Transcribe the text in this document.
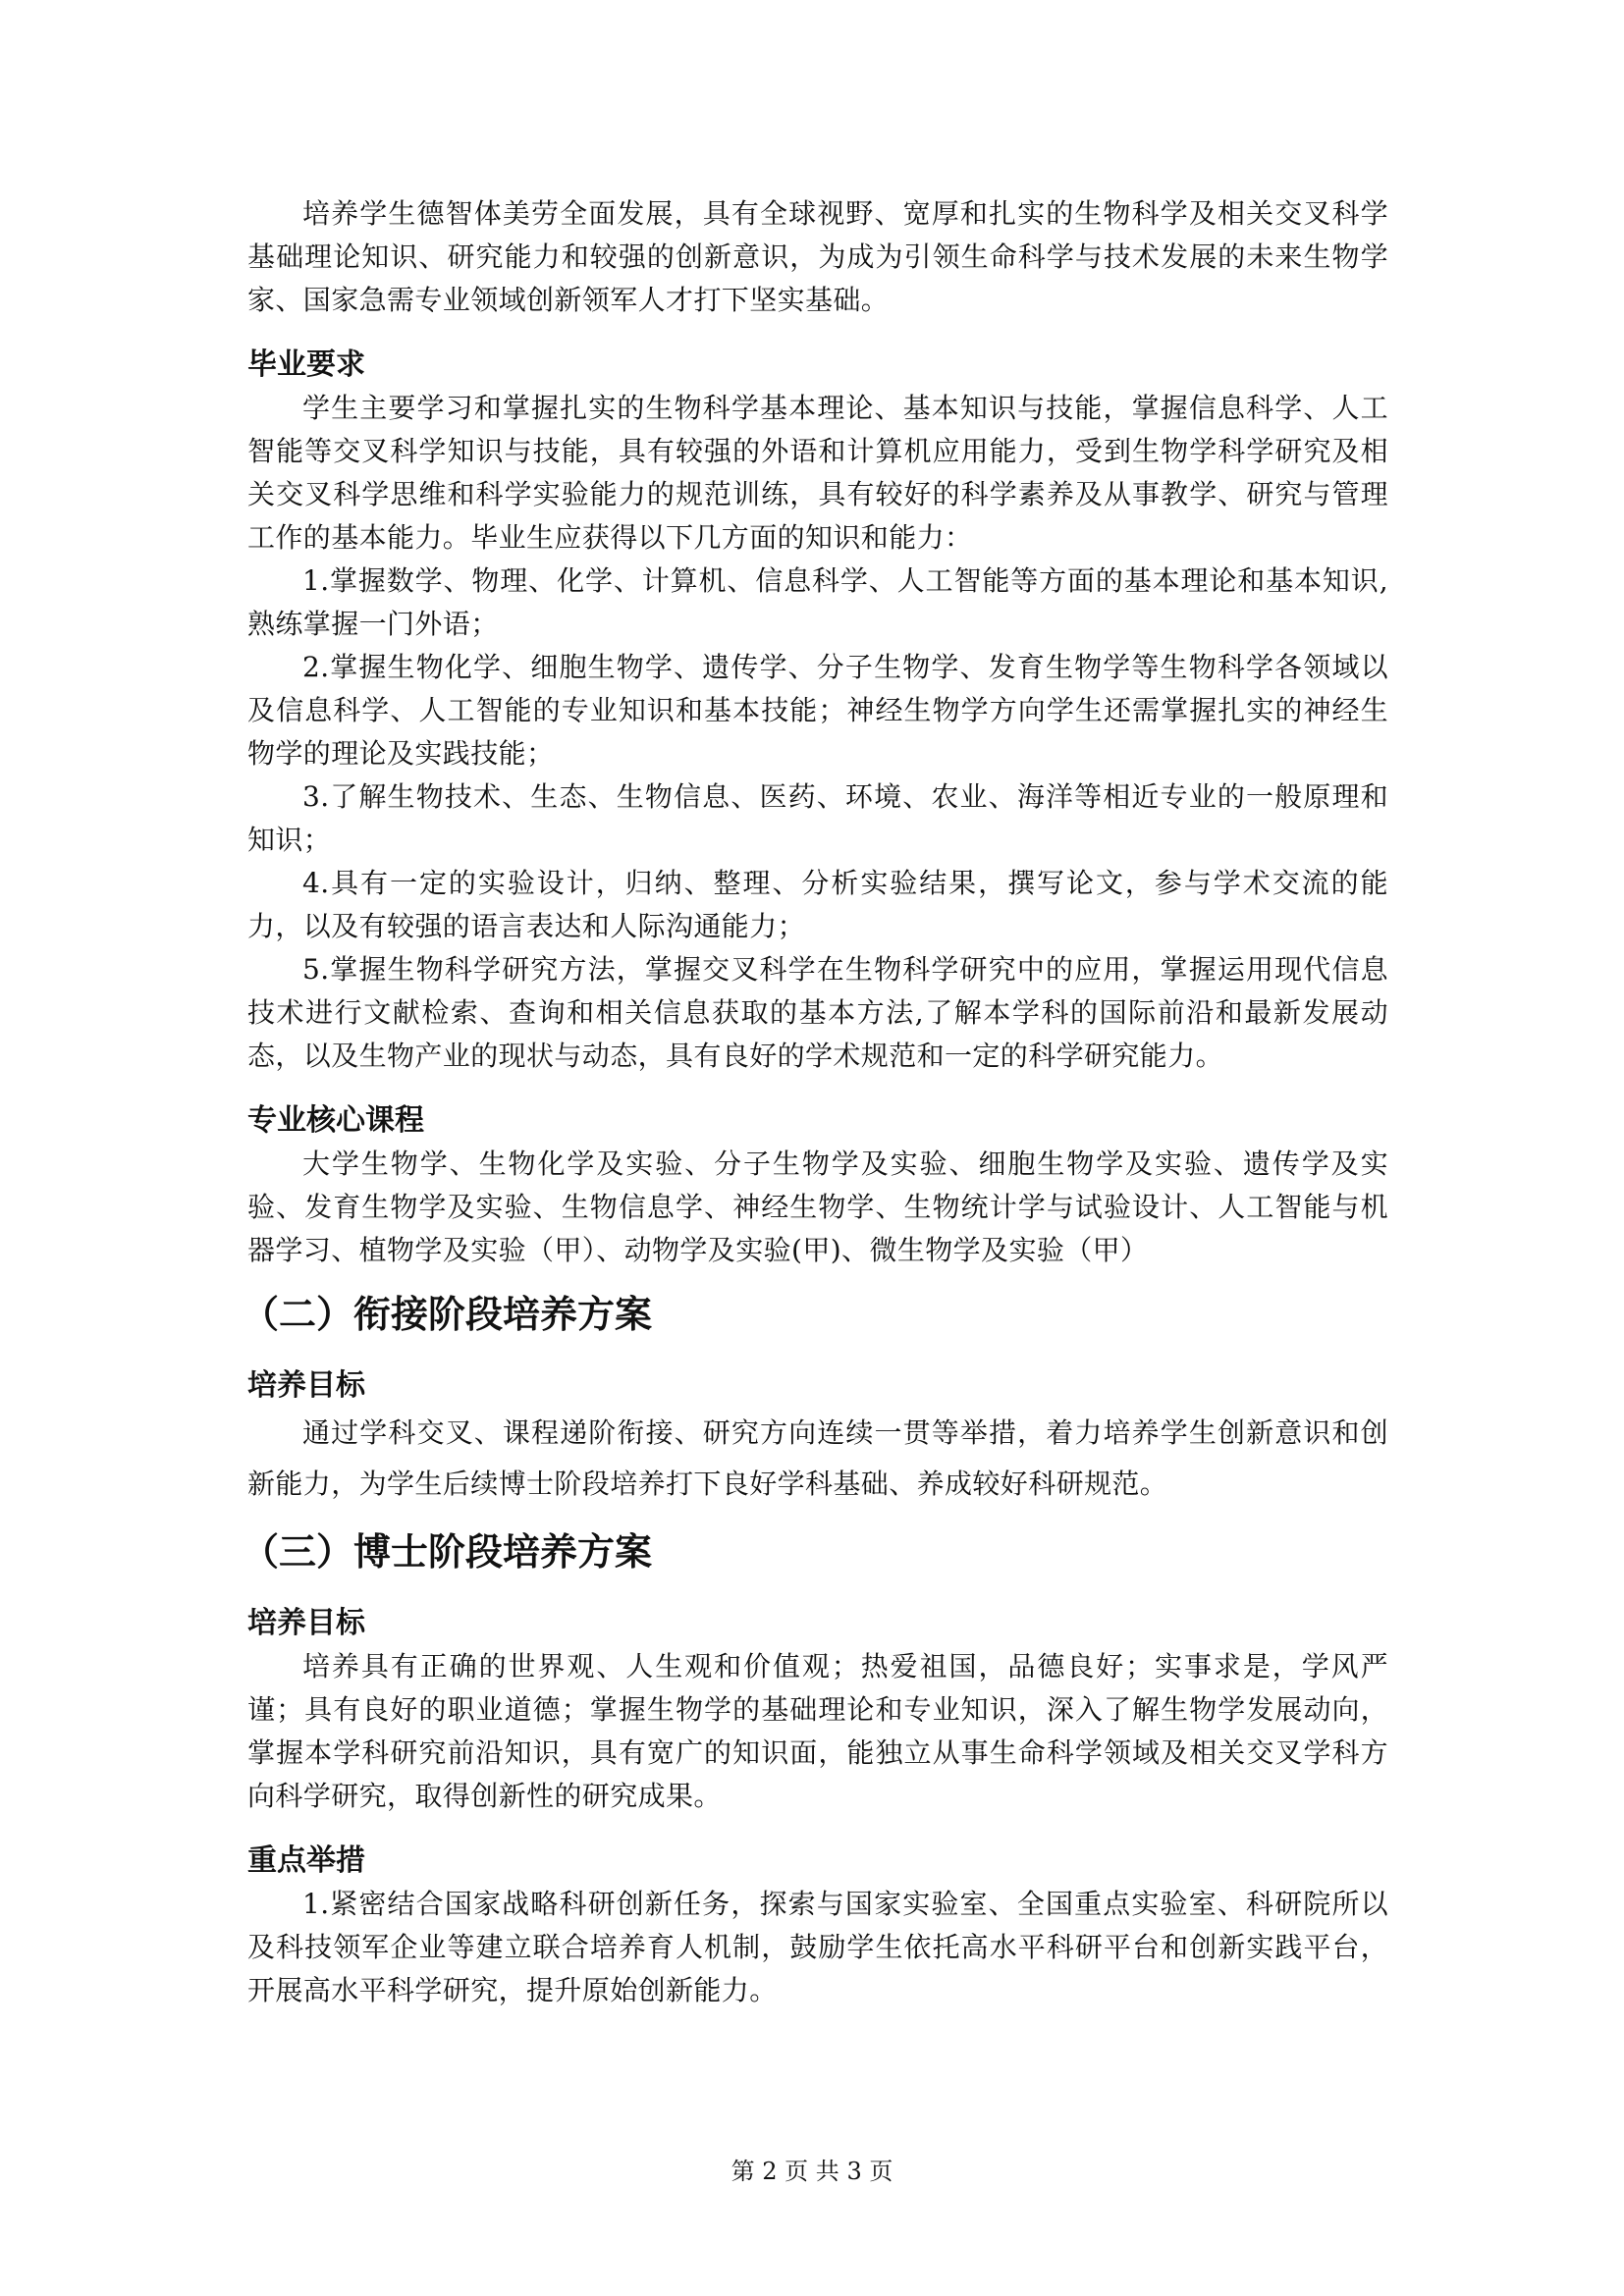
培养学生德智体美劳全面发展，具有全球视野、宽厚和扎实的生物科学及相关交叉科学基础理论知识、研究能力和较强的创新意识，为成为引领生命科学与技术发展的未来生物学家、国家急需专业领域创新领军人才打下坚实基础。

毕业要求

学生主要学习和掌握扎实的生物科学基本理论、基本知识与技能，掌握信息科学、人工智能等交叉科学知识与技能，具有较强的外语和计算机应用能力，受到生物学科学研究及相关交叉科学思维和科学实验能力的规范训练，具有较好的科学素养及从事教学、研究与管理工作的基本能力。毕业生应获得以下几方面的知识和能力：

1.掌握数学、物理、化学、计算机、信息科学、人工智能等方面的基本理论和基本知识,熟练掌握一门外语；

2.掌握生物化学、细胞生物学、遗传学、分子生物学、发育生物学等生物科学各领域以及信息科学、人工智能的专业知识和基本技能；神经生物学方向学生还需掌握扎实的神经生物学的理论及实践技能；

3.了解生物技术、生态、生物信息、医药、环境、农业、海洋等相近专业的一般原理和知识；

4.具有一定的实验设计，归纳、整理、分析实验结果，撰写论文，参与学术交流的能力，以及有较强的语言表达和人际沟通能力；

5.掌握生物科学研究方法，掌握交叉科学在生物科学研究中的应用，掌握运用现代信息技术进行文献检索、查询和相关信息获取的基本方法,了解本学科的国际前沿和最新发展动态，以及生物产业的现状与动态，具有良好的学术规范和一定的科学研究能力。

专业核心课程

大学生物学、生物化学及实验、分子生物学及实验、细胞生物学及实验、遗传学及实验、发育生物学及实验、生物信息学、神经生物学、生物统计学与试验设计、人工智能与机器学习、植物学及实验（甲）、动物学及实验(甲)、微生物学及实验（甲）

（二）衔接阶段培养方案
培养目标

通过学科交叉、课程递阶衔接、研究方向连续一贯等举措，着力培养学生创新意识和创新能力，为学生后续博士阶段培养打下良好学科基础、养成较好科研规范。

（三）博士阶段培养方案
培养目标

培养具有正确的世界观、人生观和价值观；热爱祖国，品德良好；实事求是，学风严谨；具有良好的职业道德；掌握生物学的基础理论和专业知识，深入了解生物学发展动向，掌握本学科研究前沿知识，具有宽广的知识面，能独立从事生命科学领域及相关交叉学科方向科学研究，取得创新性的研究成果。

重点举措

1.紧密结合国家战略科研创新任务，探索与国家实验室、全国重点实验室、科研院所以及科技领军企业等建立联合培养育人机制，鼓励学生依托高水平科研平台和创新实践平台，开展高水平科学研究，提升原始创新能力。

第 2 页 共 3 页
